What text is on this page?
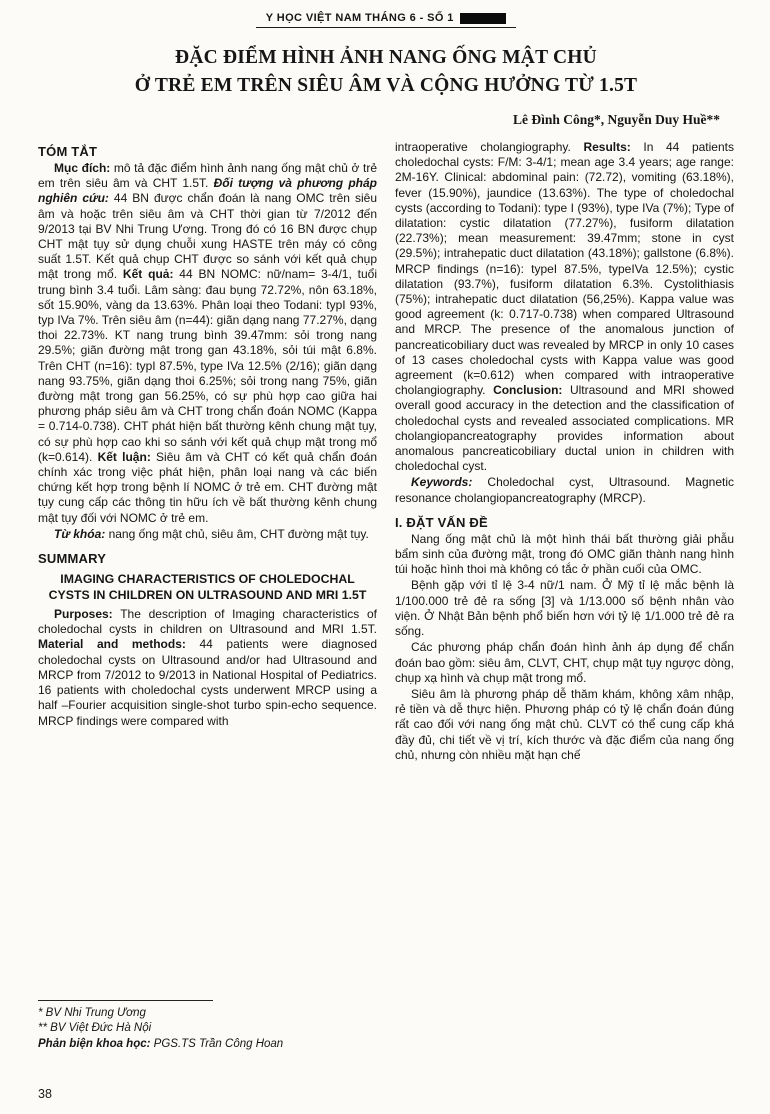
Y HỌC VIỆT NAM THÁNG 6 - SỐ 1
ĐẶC ĐIỂM HÌNH ẢNH NANG ỐNG MẬT CHỦ
Ở TRẺ EM TRÊN SIÊU ÂM VÀ CỘNG HƯỞNG TỪ 1.5T
Lê Đình Công*, Nguyễn Duy Huề**
TÓM TẮT

Mục đích: mô tả đặc điểm hình ảnh nang ống mật chủ ở trẻ em trên siêu âm và CHT 1.5T. Đối tượng và phương pháp nghiên cứu: 44 BN được chẩn đoán là nang OMC trên siêu âm và hoặc trên siêu âm và CHT thời gian từ 7/2012 đến 9/2013 tại BV Nhi Trung Ương. Trong đó có 16 BN được chụp CHT mật tụy sử dụng chuỗi xung HASTE trên máy có công suất 1.5T. Kết quả chụp CHT được so sánh với kết quả chụp mật trong mổ. Kết quả: 44 BN NOMC: nữ/nam= 3-4/1, tuổi trung bình 3.4 tuổi. Lâm sàng: đau bụng 72.72%, nôn 63.18%, sốt 15.90%, vàng da 13.63%. Phân loại theo Todani: typI 93%, typ IVa 7%. Trên siêu âm (n=44): giãn dạng nang 77.27%, dạng thoi 22.73%. KT nang trung bình 39.47mm: sỏi trong nang 29.5%; giãn đường mật trong gan 43.18%, sỏi túi mật 6.8%. Trên CHT (n=16): typI 87.5%, type IVa 12.5% (2/16); giãn dạng nang 93.75%, giãn dạng thoi 6.25%; sỏi trong nang 75%, giãn đường mật trong gan 56.25%, có sự phù hợp cao giữa hai phương pháp siêu âm và CHT trong chẩn đoán NOMC (Kappa = 0.714-0.738). CHT phát hiện bất thường kênh chung mật tụy, có sự phù hợp cao khi so sánh với kết quả chụp mật trong mổ (k=0.614). Kết luận: Siêu âm và CHT có kết quả chẩn đoán chính xác trong việc phát hiện, phân loại nang và các biến chứng kết hợp trong bệnh lí NOMC ở trẻ em. CHT đường mật tụy cung cấp các thông tin hữu ích về bất thường kênh chung mật tụy đối với NOMC ở trẻ em.

Từ khóa: nang ống mật chủ, siêu âm, CHT đường mật tụy.

SUMMARY
IMAGING CHARACTERISTICS OF CHOLEDOCHAL CYSTS IN CHILDREN ON ULTRASOUND AND MRI 1.5T

Purposes: The description of Imaging characteristics of choledochal cysts in children on Ultrasound and MRI 1.5T. Material and methods: 44 patients were diagnosed choledochal cysts on Ultrasound and/or had Ultrasound and MRCP from 7/2012 to 9/2013 in National Hospital of Pediatrics. 16 patients with choledochal cysts underwent MRCP using a half –Fourier acquisition single-shot turbo spin-echo sequence. MRCP findings were compared with

* BV Nhi Trung Ương
** BV Việt Đức Hà Nội
Phản biện khoa học: PGS.TS Trần Công Hoan

intraoperative cholangiography. Results: In 44 patients choledochal cysts: F/M: 3-4/1; mean age 3.4 years; age range: 2M-16Y. Clinical: abdominal pain: (72.72), vomiting (63.18%), fever (15.90%), jaundice (13.63%). The type of choledochal cysts (according to Todani): type I (93%), type IVa (7%); Type of dilatation: cystic dilatation (77.27%), fusiform dilatation (22.73%); mean measurement: 39.47mm; stone in cyst (29.5%); intrahepatic duct dilatation (43.18%); gallstone (6.8%). MRCP findings (n=16): typeI 87.5%, typeIVa 12.5%); cystic dilatation (93.7%), fusiform dilatation 6.3%. Cystolithiasis (75%); intrahepatic duct dilatation (56,25%). Kappa value was good agreement (k: 0.717-0.738) when compared Ultrasound and MRCP. The presence of the anomalous junction of pancreaticobiliary duct was revealed by MRCP in only 10 cases of 13 cases choledochal cysts with Kappa value was good agreement (k=0.612) when compared with intraoperative cholangiography. Conclusion: Ultrasound and MRI showed overall good accuracy in the detection and the classification of choledochal cysts and revealed associated complications. MR cholangiopancreatography provides information about anomalous pancreaticobiliary ductal union in children with choledochal cyst.

Keywords: Choledochal cyst, Ultrasound. Magnetic resonance cholangiopancreatography (MRCP).

I. ĐẶT VẤN ĐỀ

Nang ống mật chủ là một hình thái bất thường giải phẫu bẩm sinh của đường mật, trong đó OMC giãn thành nang hình túi hoặc hình thoi mà không có tắc ở phần cuối của OMC.

Bệnh gặp với tỉ lệ 3-4 nữ/1 nam. Ở Mỹ tỉ lệ mắc bệnh là 1/100.000 trẻ đẻ ra sống [3] và 1/13.000 số bệnh nhân vào viện. Ở Nhật Bản bệnh phổ biến hơn với tỷ lệ 1/1.000 trẻ đẻ ra sống.

Các phương pháp chẩn đoán hình ảnh áp dụng để chẩn đoán bao gồm: siêu âm, CLVT, CHT, chụp mật tụy ngược dòng, chụp xạ hình và chụp mật trong mổ.

Siêu âm là phương pháp dễ thăm khám, không xâm nhập, rẻ tiền và dễ thực hiện. Phương pháp có tỷ lệ chẩn đoán đúng rất cao đối với nang ống mật chủ. CLVT có thể cung cấp khá đầy đủ, chi tiết về vị trí, kích thước và đặc điểm của nang ống chủ, nhưng còn nhiều mặt hạn chế

38
